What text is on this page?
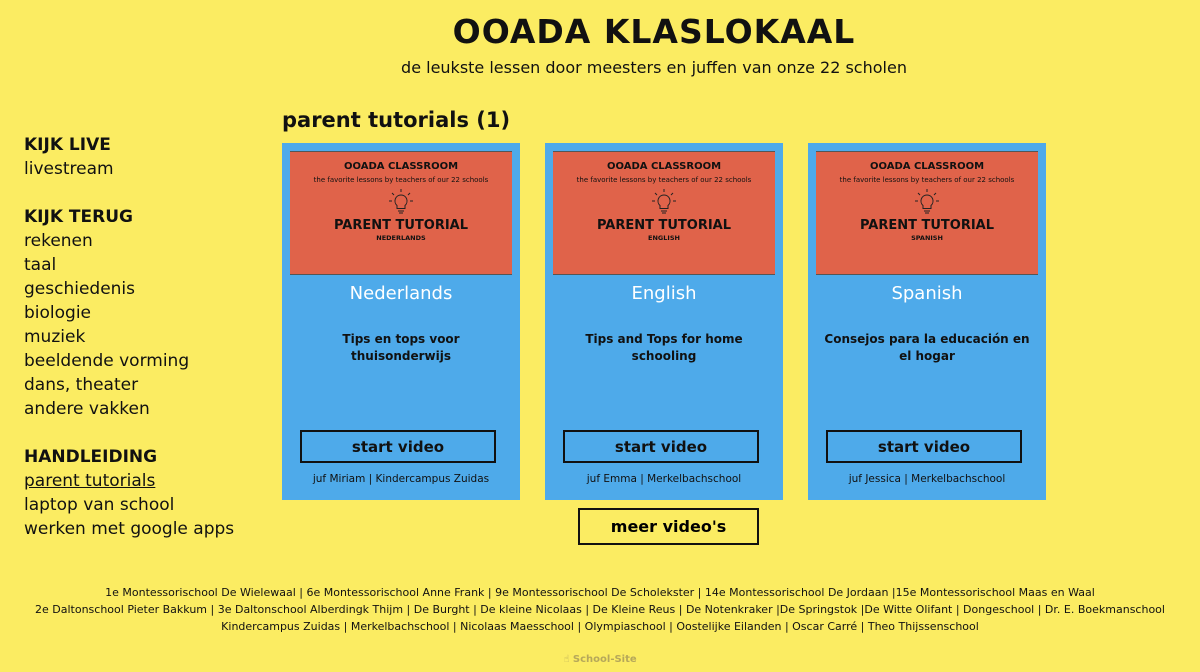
OOADA KLASLOKAAL
de leukste lessen door meesters en juffen van onze 22 scholen
KIJK LIVE
livestream
KIJK TERUG
rekenen
taal
geschiedenis
biologie
muziek
beeldende vorming
dans, theater
andere vakken
HANDLEIDING
parent tutorials
laptop van school
werken met google apps
parent tutorials (1)
OOADA CLASSROOM
the favorite lessons by teachers of our 22 schools
PARENT TUTORIAL
NEDERLANDS
Nederlands
Tips en tops voor thuisonderwijs
start video
juf Miriam | Kindercampus Zuidas
OOADA CLASSROOM
the favorite lessons by teachers of our 22 schools
PARENT TUTORIAL
ENGLISH
English
Tips and Tops for home schooling
start video
juf Emma | Merkelbachschool
OOADA CLASSROOM
the favorite lessons by teachers of our 22 schools
PARENT TUTORIAL
SPANISH
Spanish
Consejos para la educación en el hogar
start video
juf Jessica | Merkelbachschool
meer video's
1e Montessorischool De Wielewaal | 6e Montessorischool Anne Frank | 9e Montessorischool De Scholekster | 14e Montessorischool De Jordaan |15e Montessorischool Maas en Waal
2e Daltonschool Pieter Bakkum | 3e Daltonschool Alberdingk Thijm | De Burght | De kleine Nicolaas | De Kleine Reus | De Notenkraker |De Springstok |De Witte Olifant | Dongeschool | Dr. E. Boekmanschool
Kindercampus Zuidas | Merkelbachschool | Nicolaas Maesschool | Olympiaschool | Oostelijke Eilanden | Oscar Carré | Theo Thijssenschool
☝ School-Site
